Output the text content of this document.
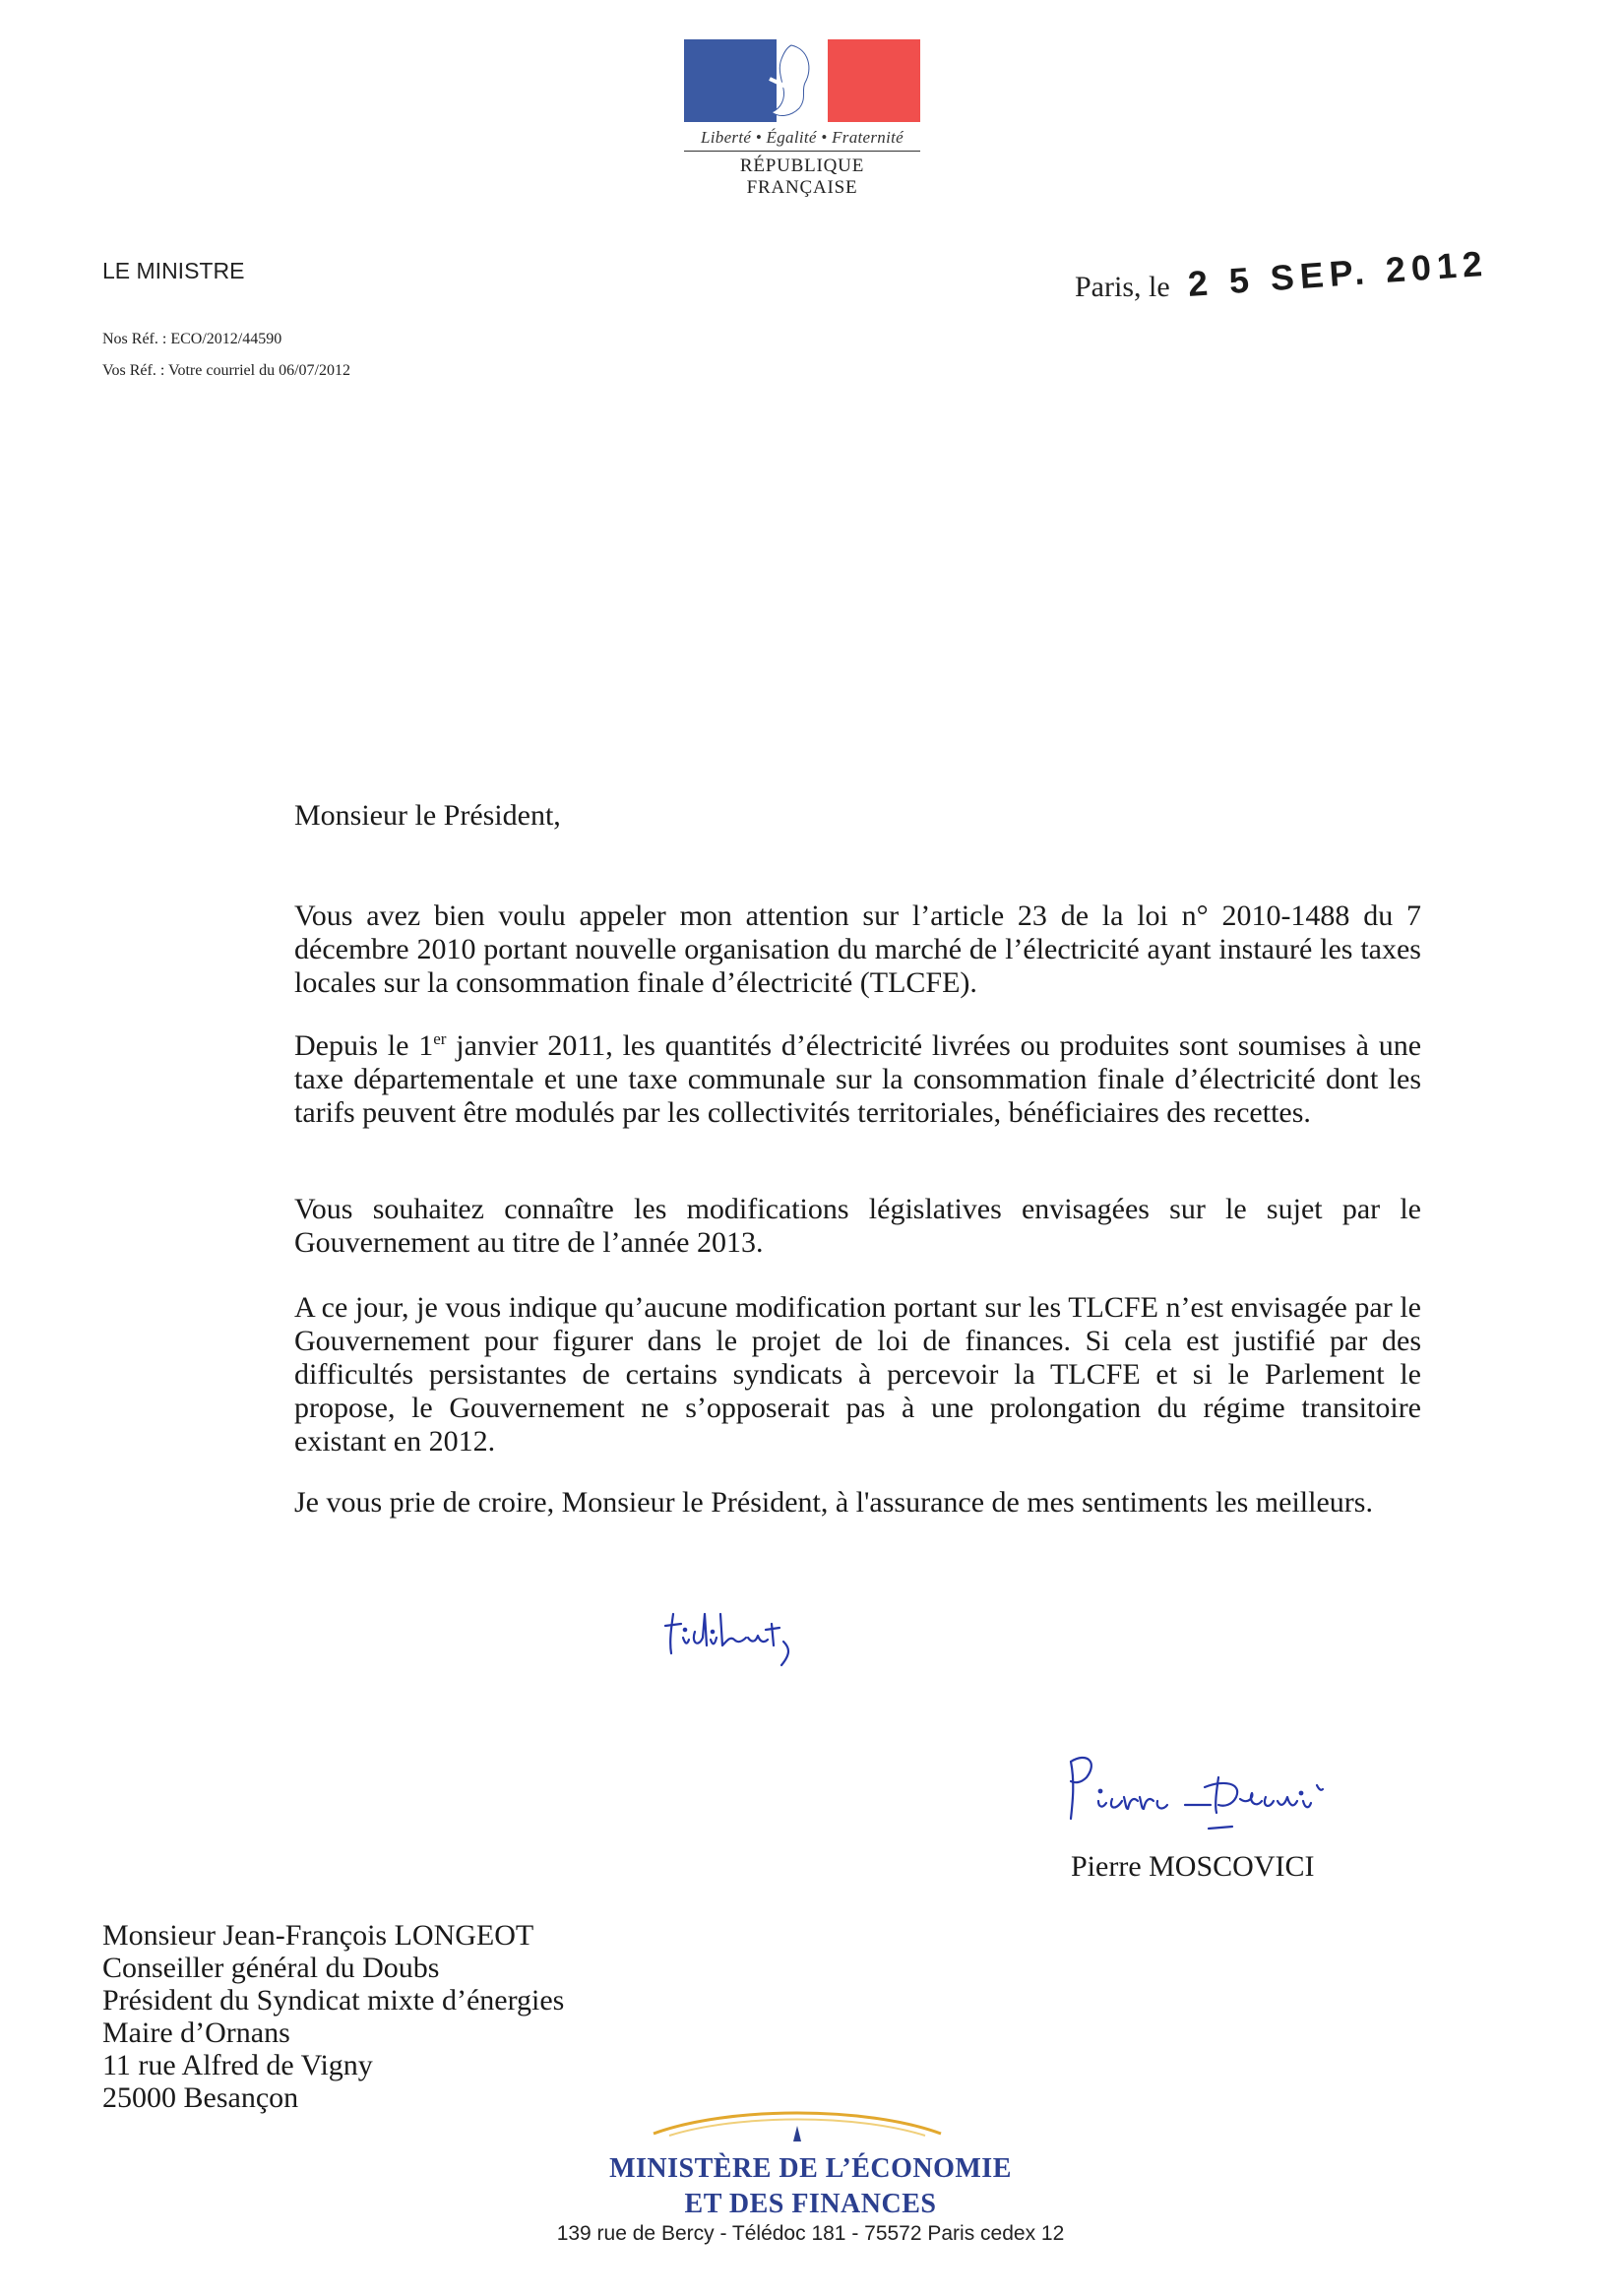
Liberté • Égalité • Fraternité
RÉPUBLIQUE FRANÇAISE
LE MINISTRE
Nos Réf. : ECO/2012/44590
Vos Réf. : Votre courriel du 06/07/2012
Paris, le 2 5 SEP. 2012
Monsieur le Président,
Vous avez bien voulu appeler mon attention sur l’article 23 de la loi n° 2010-1488 du 7 décembre 2010 portant nouvelle organisation du marché de l’électricité ayant instauré les taxes locales sur la consommation finale d’électricité (TLCFE).
Depuis le 1er janvier 2011, les quantités d’électricité livrées ou produites sont soumises à une taxe départementale et une taxe communale sur la consommation finale d’électricité dont les tarifs peuvent être modulés par les collectivités territoriales, bénéficiaires des recettes.
Vous souhaitez connaître les modifications législatives envisagées sur le sujet par le Gouvernement au titre de l’année 2013.
A ce jour, je vous indique qu’aucune modification portant sur les TLCFE n’est envisagée par le Gouvernement pour figurer dans le projet de loi de finances. Si cela est justifié par des difficultés persistantes de certains syndicats à percevoir la TLCFE et si le Parlement le propose, le Gouvernement ne s’opposerait pas à une prolongation du régime transitoire existant en 2012.
Je vous prie de croire, Monsieur le Président, à l'assurance de mes sentiments les meilleurs.
Pierre MOSCOVICI
Monsieur Jean-François LONGEOT
Conseiller général du Doubs
Président du Syndicat mixte d’énergies
Maire d’Ornans
11 rue Alfred de Vigny
25000 Besançon
MINISTÈRE DE L’ÉCONOMIE
ET DES FINANCES
139 rue de Bercy - Télédoc 181 - 75572 Paris cedex 12
